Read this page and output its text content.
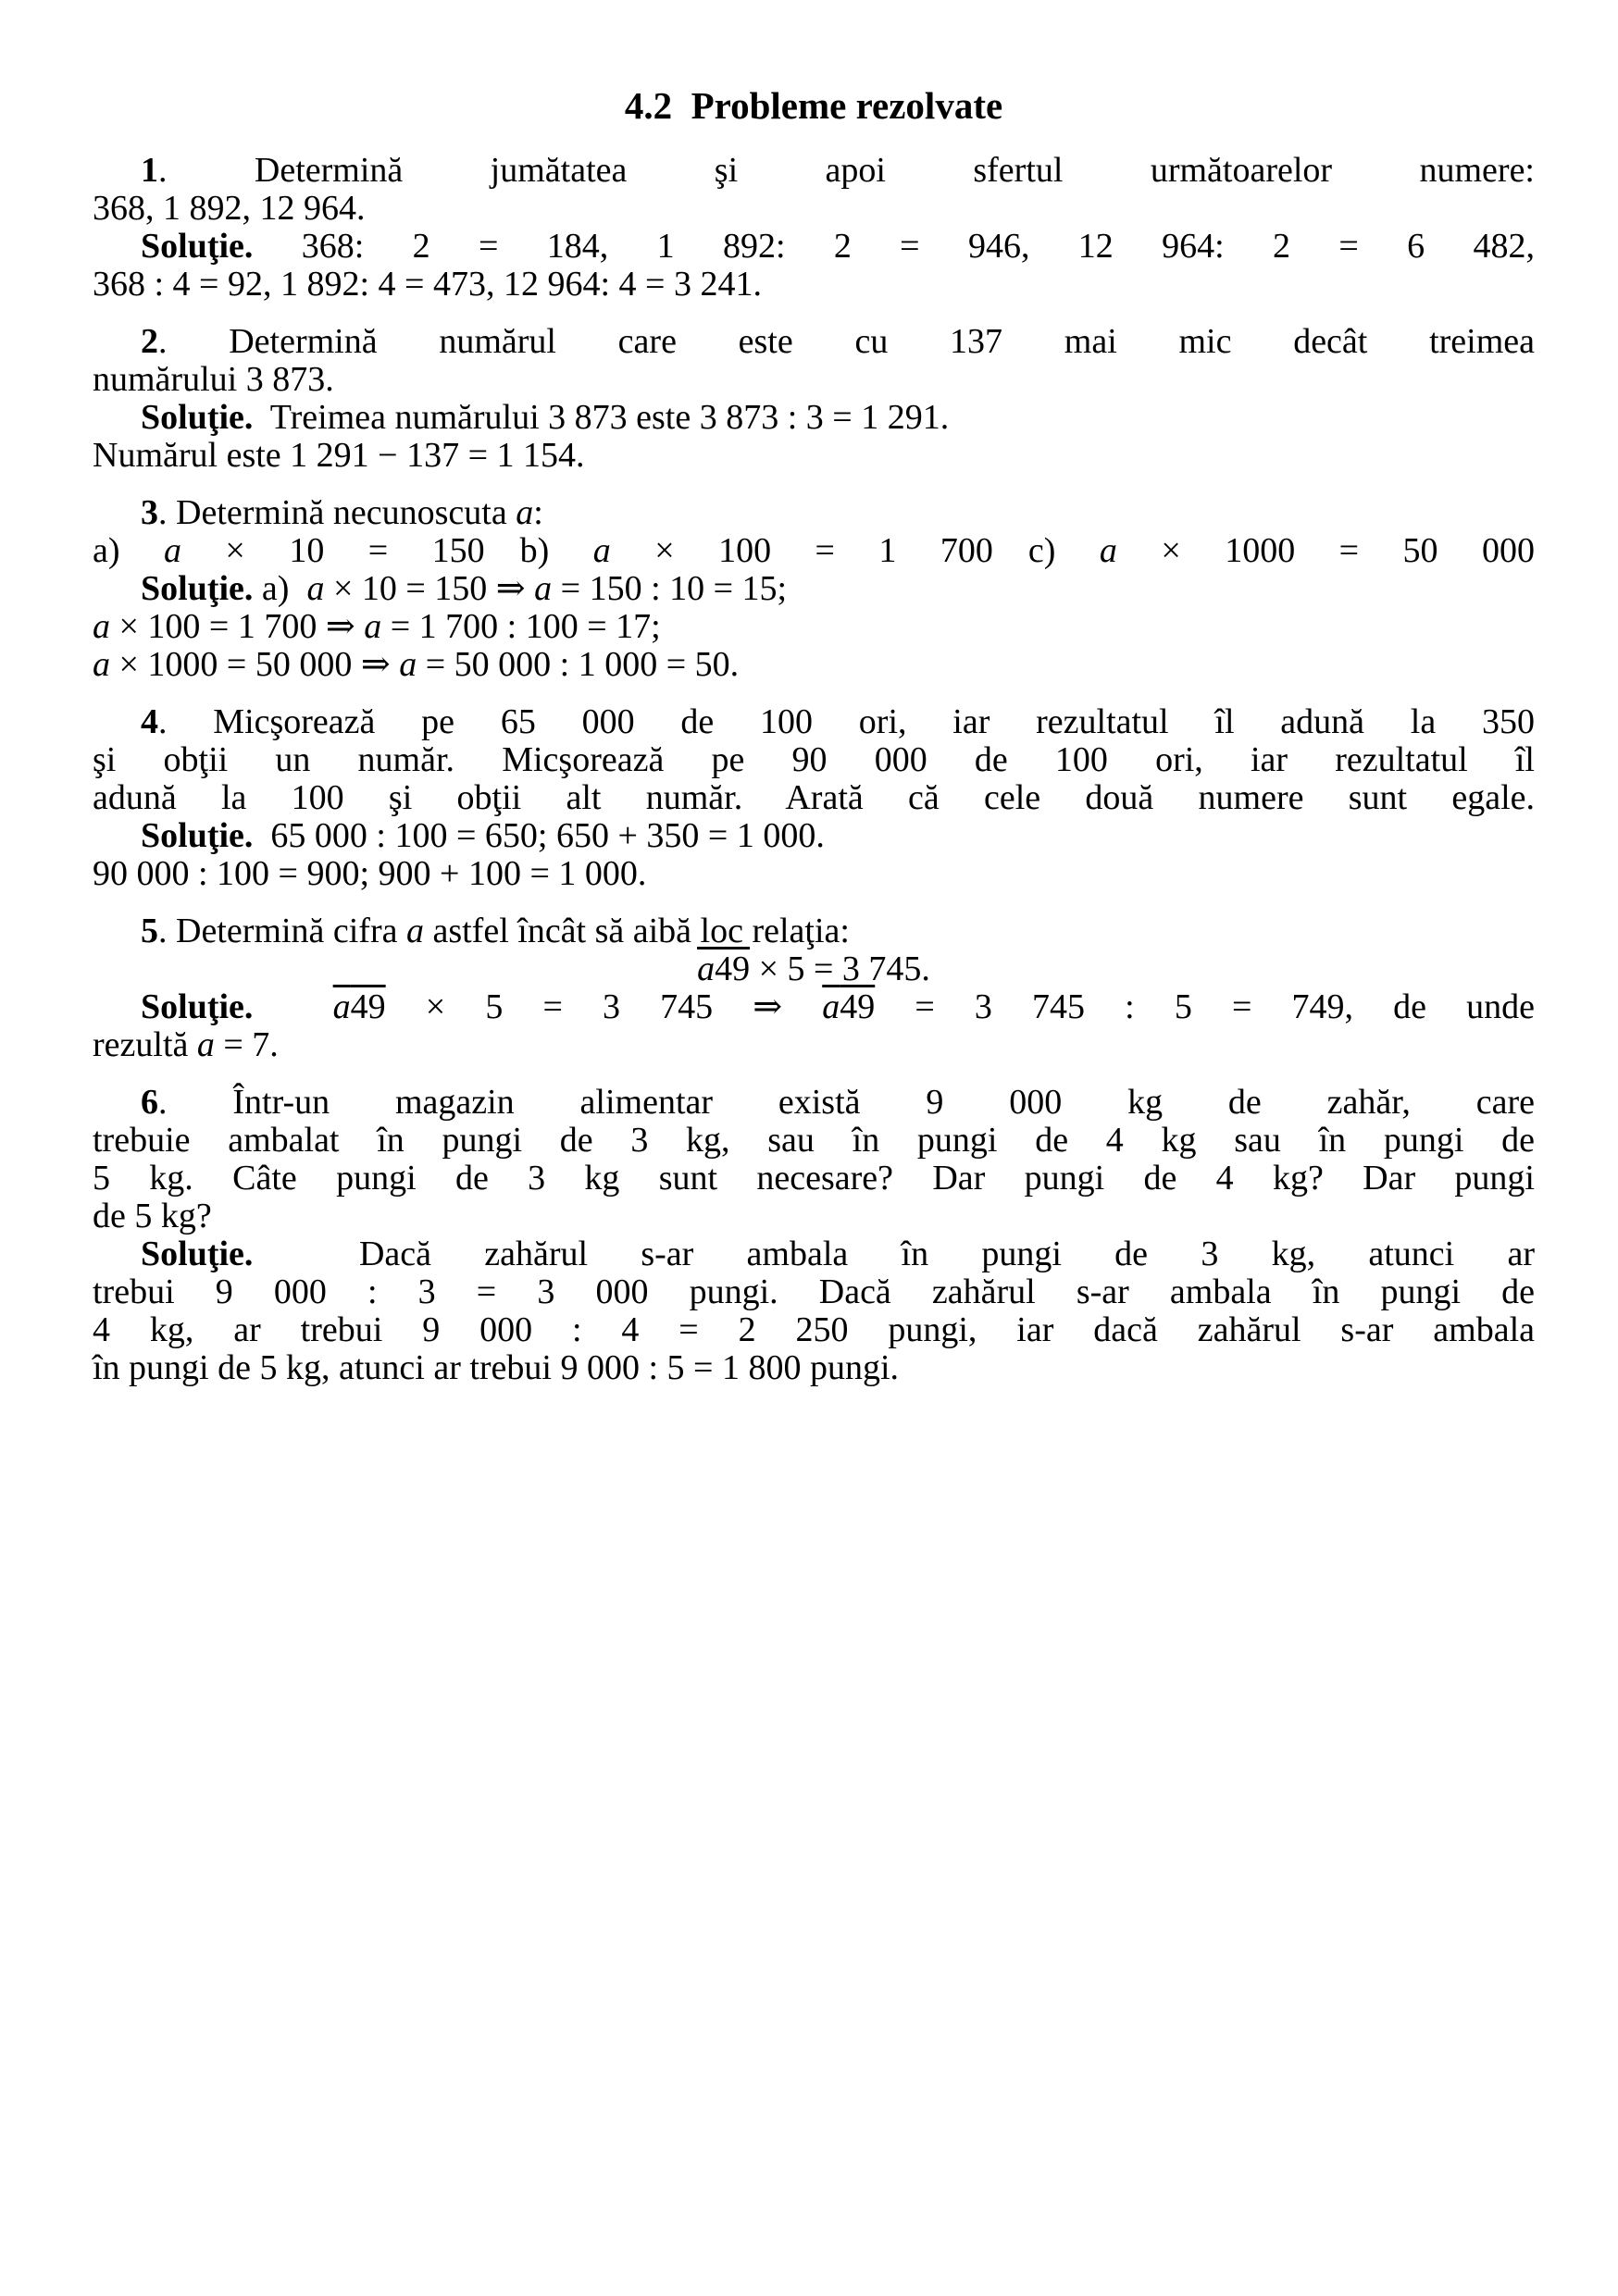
4.2  Probleme rezolvate
1. Determină jumătatea şi apoi sfertul următoarelor numere:
368, 1 892, 12 964.
Soluţie. 368: 2 = 184, 1 892: 2 = 946, 12 964: 2 = 6 482,
368 : 4 = 92, 1 892: 4 = 473, 12 964: 4 = 3 241.
2. Determină numărul care este cu 137 mai mic decât treimea
numărului 3 873.
Soluţie.  Treimea numărului 3 873 este 3 873 : 3 = 1 291.
Numărul este 1 291 − 137 = 1 154.
3. Determină necunoscuta a:
a) a × 10 = 150  b) a × 100 = 1 700  c) a × 1000 = 50 000
Soluţie. a)  a × 10 = 150 ⇒ a = 150 : 10 = 15;
a × 100 = 1 700 ⇒ a = 1 700 : 100 = 17;
a × 1000 = 50 000 ⇒ a = 50 000 : 1 000 = 50.
4. Micşorează pe 65 000 de 100 ori, iar rezultatul îl adună la 350
şi obţii un număr. Micşorează pe 90 000 de 100 ori, iar rezultatul îl
adună la 100 şi obţii alt număr. Arată că cele două numere sunt egale.
Soluţie.  65 000 : 100 = 650; 650 + 350 = 1 000.
90 000 : 100 = 900; 900 + 100 = 1 000.
5. Determină cifra a astfel încât să aibă loc relaţia:
a49 × 5 = 3 745.
Soluţie. a49 × 5 = 3 745 ⇒ a49 = 3 745 : 5 = 749, de unde
rezultă a = 7.
6. Într-un magazin alimentar există 9 000 kg de zahăr, care
trebuie ambalat în pungi de 3 kg, sau în pungi de 4 kg sau în pungi de
5 kg. Câte pungi de 3 kg sunt necesare? Dar pungi de 4 kg? Dar pungi
de 5 kg?
Soluţie.  Dacă zahărul s-ar ambala în pungi de 3 kg, atunci ar
trebui 9 000 : 3 = 3 000 pungi. Dacă zahărul s-ar ambala în pungi de
4 kg, ar trebui 9 000 : 4 = 2 250 pungi, iar dacă zahărul s-ar ambala
în pungi de 5 kg, atunci ar trebui 9 000 : 5 = 1 800 pungi.
